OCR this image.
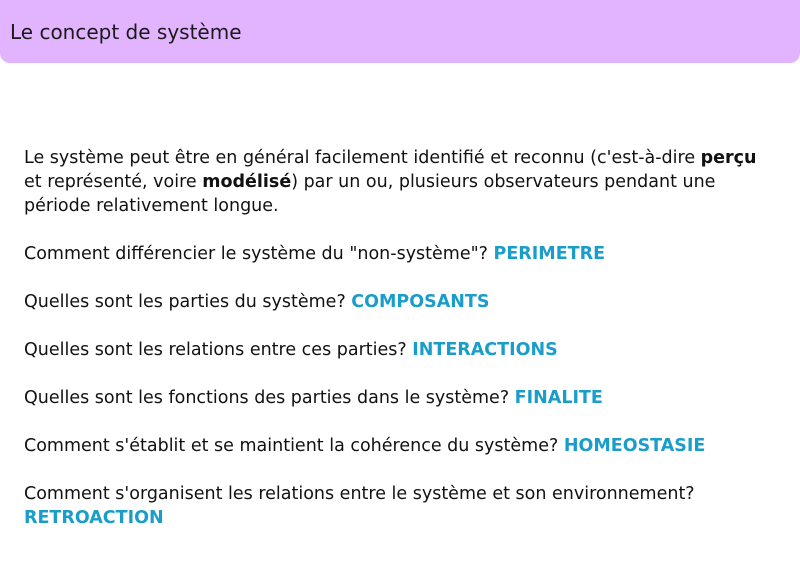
Le concept de système

Le système peut être en général facilement identifié et reconnu (c'est-à-dire perçu et représenté, voire modélisé) par un ou, plusieurs observateurs pendant une période relativement longue.

Comment différencier le système du "non-système"? PERIMETRE

Quelles sont les parties du système? COMPOSANTS

Quelles sont les relations entre ces parties? INTERACTIONS

Quelles sont les fonctions des parties dans le système? FINALITE

Comment s'établit et se maintient la cohérence du système? HOMEOSTASIE

Comment s'organisent les relations entre le système et son environnement? RETROACTION
